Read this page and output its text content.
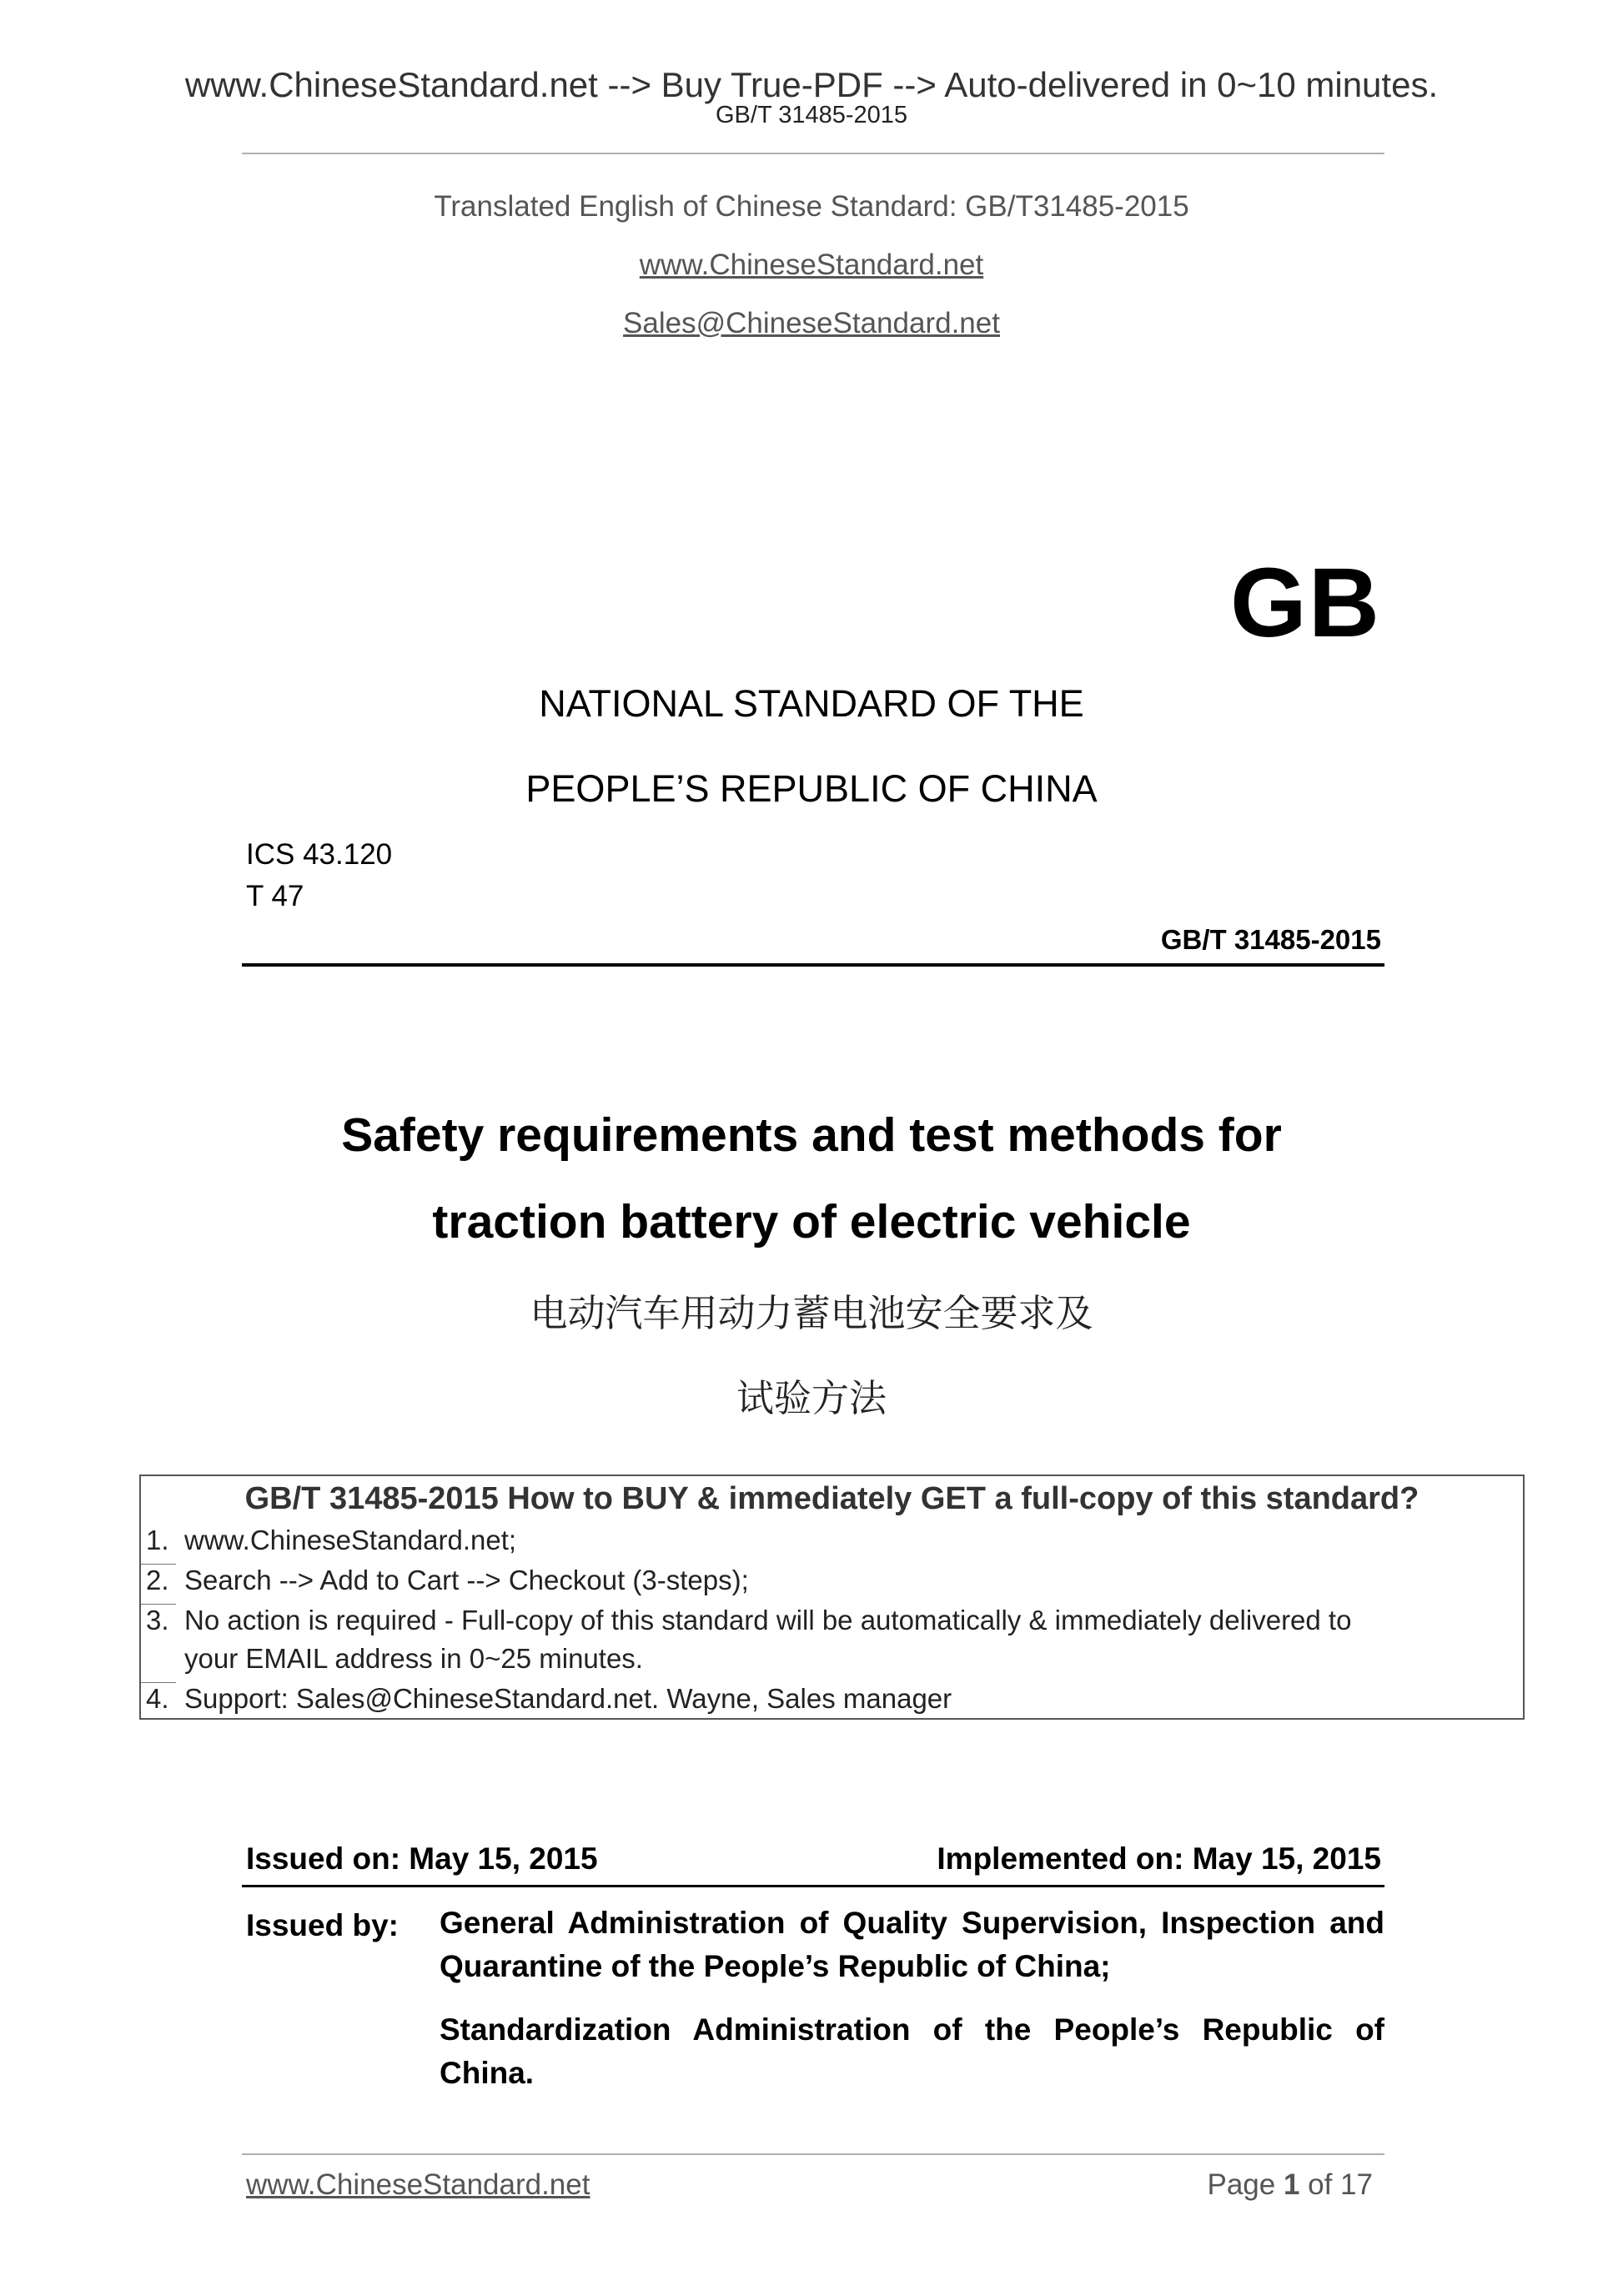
www.ChineseStandard.net --> Buy True-PDF --> Auto-delivered in 0~10 minutes.
GB/T 31485-2015
Translated English of Chinese Standard: GB/T31485-2015
www.ChineseStandard.net
Sales@ChineseStandard.net
GB
NATIONAL STANDARD OF THE
PEOPLE’S REPUBLIC OF CHINA
ICS 43.120
T 47
GB/T 31485-2015
Safety requirements and test methods for
traction battery of electric vehicle
电动汽车用动力蓄电池安全要求及
试验方法
GB/T 31485-2015 How to BUY & immediately GET a full-copy of this standard?
1. www.ChineseStandard.net;
2. Search --> Add to Cart --> Checkout (3-steps);
3. No action is required - Full-copy of this standard will be automatically & immediately delivered to
your EMAIL address in 0~25 minutes.
4. Support: Sales@ChineseStandard.net. Wayne, Sales manager
Issued on: May 15, 2015	Implemented on: May 15, 2015
Issued by: General Administration of Quality Supervision, Inspection and Quarantine of the People’s Republic of China;
Standardization Administration of the People’s Republic of China.
www.ChineseStandard.net	Page 1 of 17
